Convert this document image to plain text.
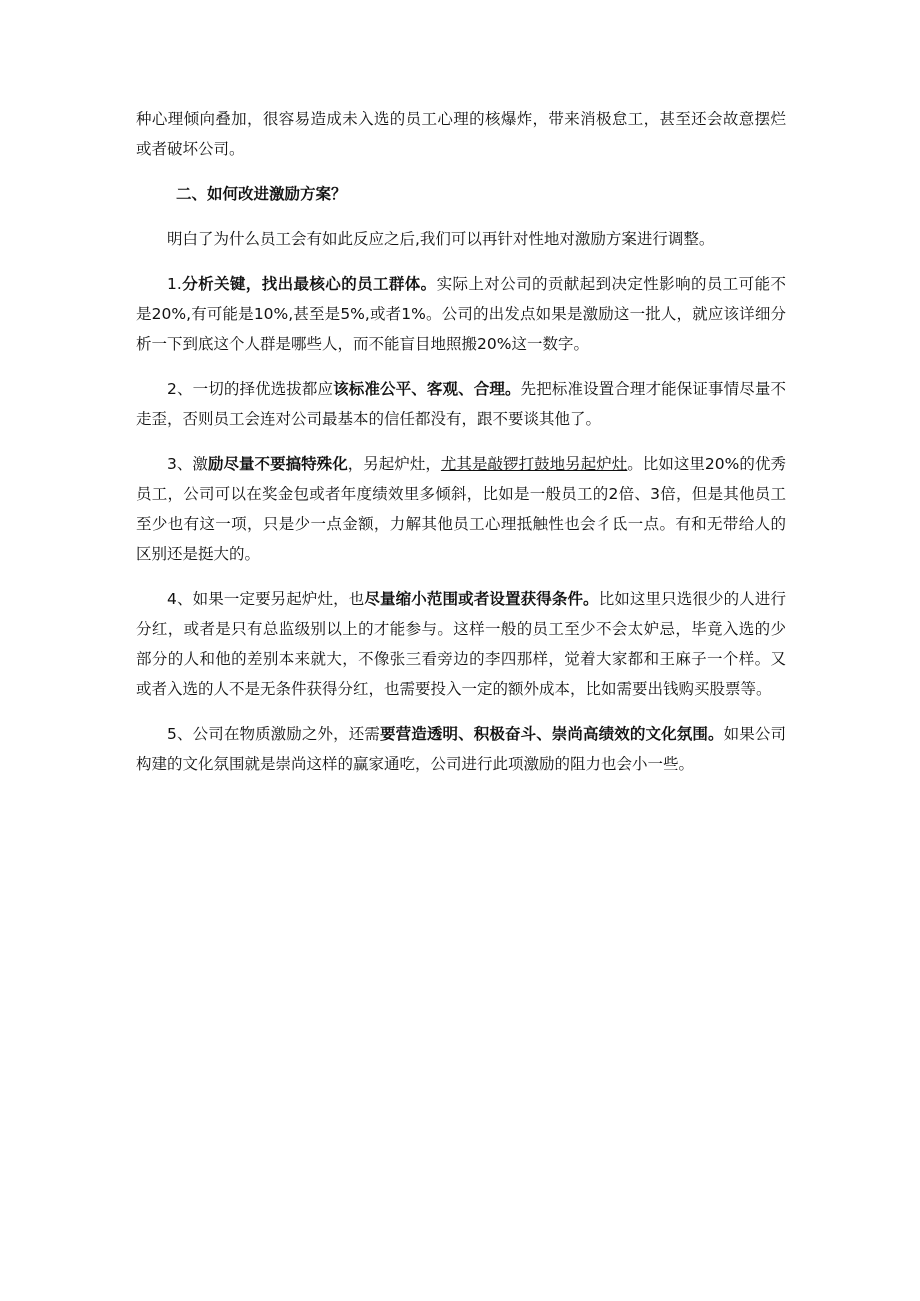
种心理倾向叠加，很容易造成未入选的员工心理的核爆炸，带来消极怠工，甚至还会故意摆烂或者破坏公司。

二、如何改进激励方案？

明白了为什么员工会有如此反应之后,我们可以再针对性地对激励方案进行调整。

1.分析关键，找出最核心的员工群体。实际上对公司的贡献起到决定性影响的员工可能不是20%,有可能是10%,甚至是5%,或者1%。公司的出发点如果是激励这一批人，就应该详细分析一下到底这个人群是哪些人，而不能盲目地照搬20%这一数字。

2、一切的择优选拔都应该标准公平、客观、合理。先把标准设置合理才能保证事情尽量不走歪，否则员工会连对公司最基本的信任都没有，跟不要谈其他了。

3、激励尽量不要搞特殊化，另起炉灶，尤其是敲锣打鼓地另起炉灶。比如这里20%的优秀员工，公司可以在奖金包或者年度绩效里多倾斜，比如是一般员工的2倍、3倍，但是其他员工至少也有这一项，只是少一点金额，力解其他员工心理抵触性也会彳氐一点。有和无带给人的区别还是挺大的。

4、如果一定要另起炉灶，也尽量缩小范围或者设置获得条件。比如这里只选很少的人进行分红，或者是只有总监级别以上的才能参与。这样一般的员工至少不会太妒忌，毕竟入选的少部分的人和他的差别本来就大，不像张三看旁边的李四那样，觉着大家都和王麻子一个样。又或者入选的人不是无条件获得分红，也需要投入一定的额外成本，比如需要出钱购买股票等。

5、公司在物质激励之外，还需要营造透明、积极奋斗、崇尚高绩效的文化氛围。如果公司构建的文化氛围就是崇尚这样的赢家通吃，公司进行此项激励的阻力也会小一些。
